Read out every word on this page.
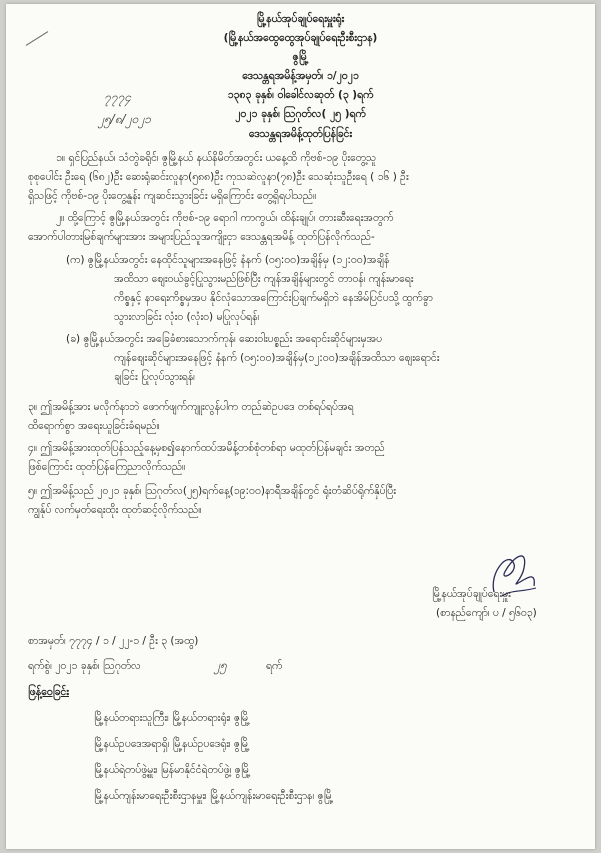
မြို့နယ်အုပ်ချုပ်ရေးမှူးရုံး
(မြို့နယ်အထွေထွေအုပ်ချုပ်ရေးဦးစီးဌာန)
ဇွမြို့
ဒေသန္တရအမိန့်အမှတ်၊ ၁/၂၀၂၁
၁၃၈၃ ခုနှစ်၊ ဝါခေါင်လဆုတ် (၃ )ရက်
၂၀၂၁ ခုနှစ်၊ ဩဂုတ်လ( ၂၅ )ရက်
ဒေသန္တရအမိန့်ထုတ်ပြန်ခြင်း
၇၇၇၄
၂၅/၈/၂၀၂၁
၁။ ရှင်ပြည်နယ်၊ သံတွဲခရိုင်၊ ဇွမြို့နယ် နယ်နိမိတ်အတွင်း ယနေ့ထိ ကိုဗစ်-၁၉ ပိုးတွေ့သူ
စုစုပေါင်း ဦးရေ (၆၈၂)ဦး ဆေးရုံဆင်းလူနာ(၅၈၈)ဦး ကုသဆဲလူနာ(၇၈)ဦး သေဆုံးသူဦးရေ ( ၁၆ ) ဦး
ရှိသဖြင့် ကိုဗစ်-၁၉ ပိုးတွေ့နှုန်း ကျဆင်းသွားခြင်း မရှိကြောင်း တွေ့ရှိရပါသည်။
၂။ ထို့ကြောင့် ဇွမြို့နယ်အတွင်း ကိုဗစ်-၁၉ ရောဂါ ကာကွယ်၊ ထိန်းချုပ်၊ တားဆီးရေးအတွက်
အောက်ပါတားမြစ်ချက်များအား အများပြည်သူအကျိုးငှာ ဒေသန္တရအမိန့် ထုတ်ပြန်လိုက်သည်-
(က) ဇွမြို့နယ်အတွင်း နေထိုင်သူများအနေဖြင့် နံနက် (၀၅:၀၀)အချိန်မှ (၁၂:၀၀)အချိန်
အထိသာ စျေးဝယ်ခွင့်ပြုသွားမည်ဖြစ်ပြီး ကျန်အချိန်များတွင် တာဝန်၊ ကျန်းမာရေး
ကိစ္စနှင့် နာရေးကိစ္စမှအပ နိုင်လုံသောအကြောင်းပြချက်မရှိဘဲ နေအိမ်ပြင်ပသို့ ထွက်ခွာ
သွားလာခြင်း လုံးဝ (လုံးဝ) မပြုလုပ်ရန်၊
(ခ) ဇွမြို့နယ်အတွင်း အခြေခံစားသောက်ကုန်၊ ဆေးဝါးပစ္စည်း အရောင်းဆိုင်များမှအပ
ကျန်စျေးဆိုင်များအနေဖြင့် နံနက် (၀၅:၀၀)အချိန်မှ(၁၂:၀၀)အချိန်အထိသာ စျေးရောင်း
ချခြင်း ပြုလုပ်သွားရန်၊
၃။ ဤအမိန့်အား မလိုက်နာဘဲ ဖောက်ဖျက်ကျူးလွန်ပါက တည်ဆဲဥပဒေ တစ်ရပ်ရပ်အရ
ထိရောက်စွာ အရေးယူခြင်းခံရမည်။
၄။ ဤအမိန့်အားထုတ်ပြန်သည့်နေ့မှစ၍နောက်ထပ်အမိန့်တစ်စုံတစ်ရာ မထုတ်ပြန်မချင်း အတည်
ဖြစ်ကြောင်း ထုတ်ပြန်ကြေညာလိုက်သည်။
၅။ ဤအမိန့်သည် ၂၀၂၁ ခုနှစ်၊ ဩဂုတ်လ(၂၅)ရက်နေ့(၁၉:၀၀)နာရီအချိန်တွင် ရုံးတံဆိပ်ရိုက်နှိပ်ပြီး
ကျွန်ုပ် လက်မှတ်ရေးထိုး ထုတ်ဆင့်လိုက်သည်။
မြို့နယ်အုပ်ချုပ်ရေးမှူး
(စာနည်ကျော်၊ ပ / ၅၆၀၃)
စာအမှတ်၊ ၇၇၇၄ / ၁ / ၂၂-၁ / ဦး ၃ (အထွ)
ရက်စွဲ၊ ၂၀၂၁ ခုနှစ်၊ ဩဂုတ်လ	၂၅	ရက်
ဖြန့်ဝေခြင်း
မြို့နယ်တရားသူကြီး၊ မြို့နယ်တရားရုံး၊ ဇွမြို့
မြို့နယ်ဥပဒေအရာရှိ၊ မြို့နယ်ဥပဒေရုံး၊ ဇွမြို့
မြို့နယ်ရဲတပ်ဖွဲ့မှူး၊ မြန်မာနိုင်ငံရဲတပ်ဖွဲ့၊ ဇွမြို့
မြို့နယ်ကျန်းမာရေးဦးစီးဌာနမှူး၊ မြို့နယ်ကျန်းမာရေးဦးစီးဌာန၊ ဇွမြို့
